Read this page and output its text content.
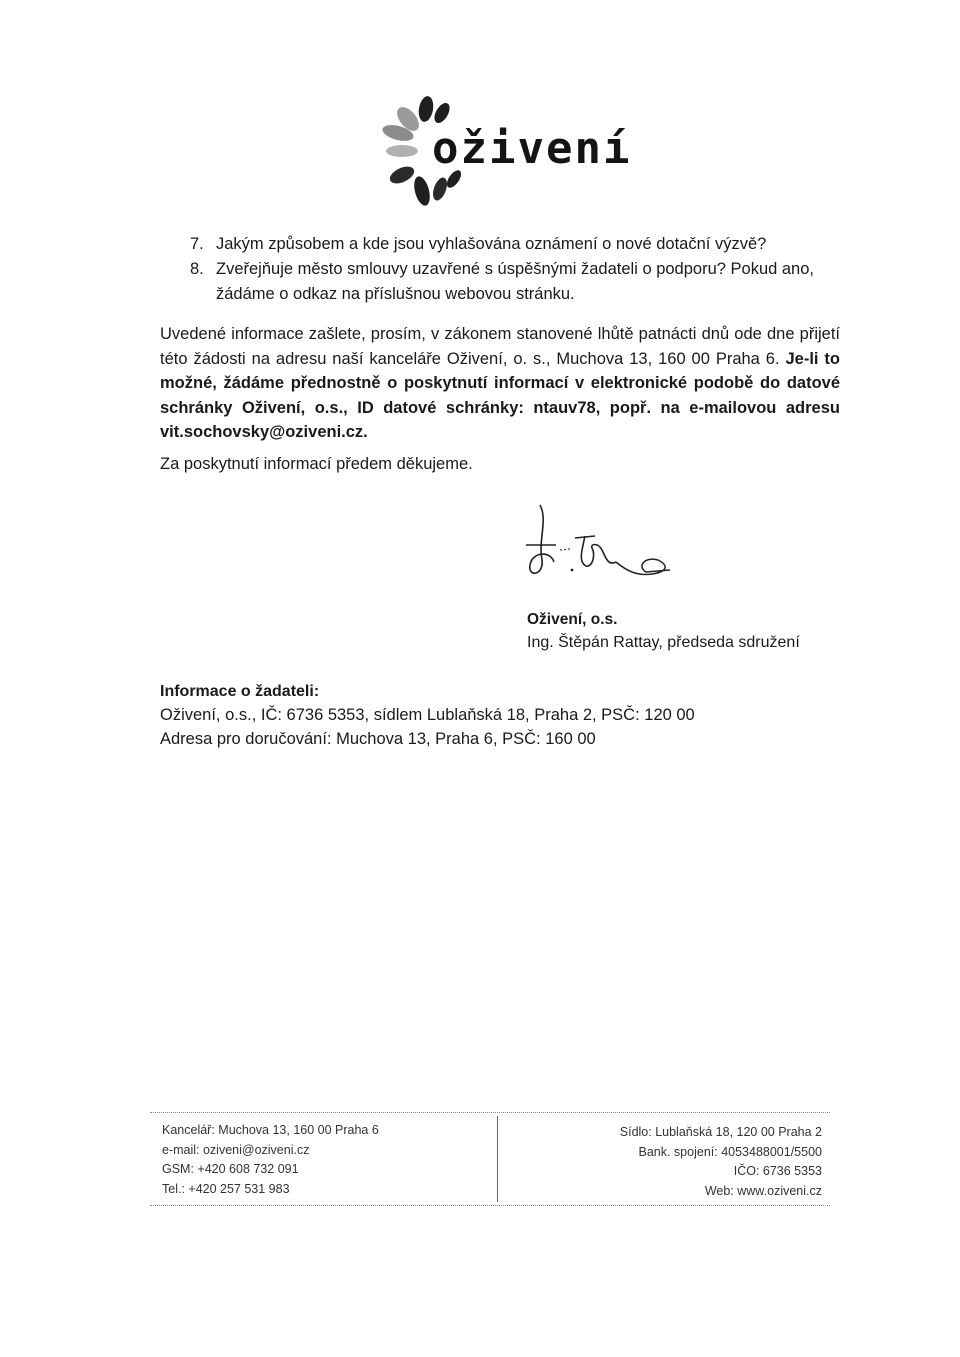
oživení
7. Jakým způsobem a kde jsou vyhlašována oznámení o nové dotační výzvě?
8. Zveřejňuje město smlouvy uzavřené s úspěšnými žadateli o podporu? Pokud ano, žádáme o odkaz na příslušnou webovou stránku.
Uvedené informace zašlete, prosím, v zákonem stanovené lhůtě patnácti dnů ode dne přijetí této žádosti na adresu naší kanceláře Oživení, o. s., Muchova 13, 160 00 Praha 6. Je-li to možné, žádáme přednostně o poskytnutí informací v elektronické podobě do datové schránky Oživení, o.s., ID datové schránky: ntauv78, popř. na e-mailovou adresu vit.sochovsky@oziveni.cz.
Za poskytnutí informací předem děkujeme.
Oživení, o.s.
Ing. Štěpán Rattay, předseda sdružení
Informace o žadateli:
Oživení, o.s., IČ: 6736 5353, sídlem Lublaňská 18, Praha 2, PSČ: 120 00
Adresa pro doručování: Muchova 13, Praha 6, PSČ: 160 00
Kancelář: Muchova 13, 160 00 Praha 6
e-mail: oziveni@oziveni.cz
GSM: +420 608 732 091
Tel.: +420 257 531 983
Sídlo: Lublaňská 18, 120 00 Praha 2
Bank. spojení: 4053488001/5500
IČO: 6736 5353
Web: www.oziveni.cz
